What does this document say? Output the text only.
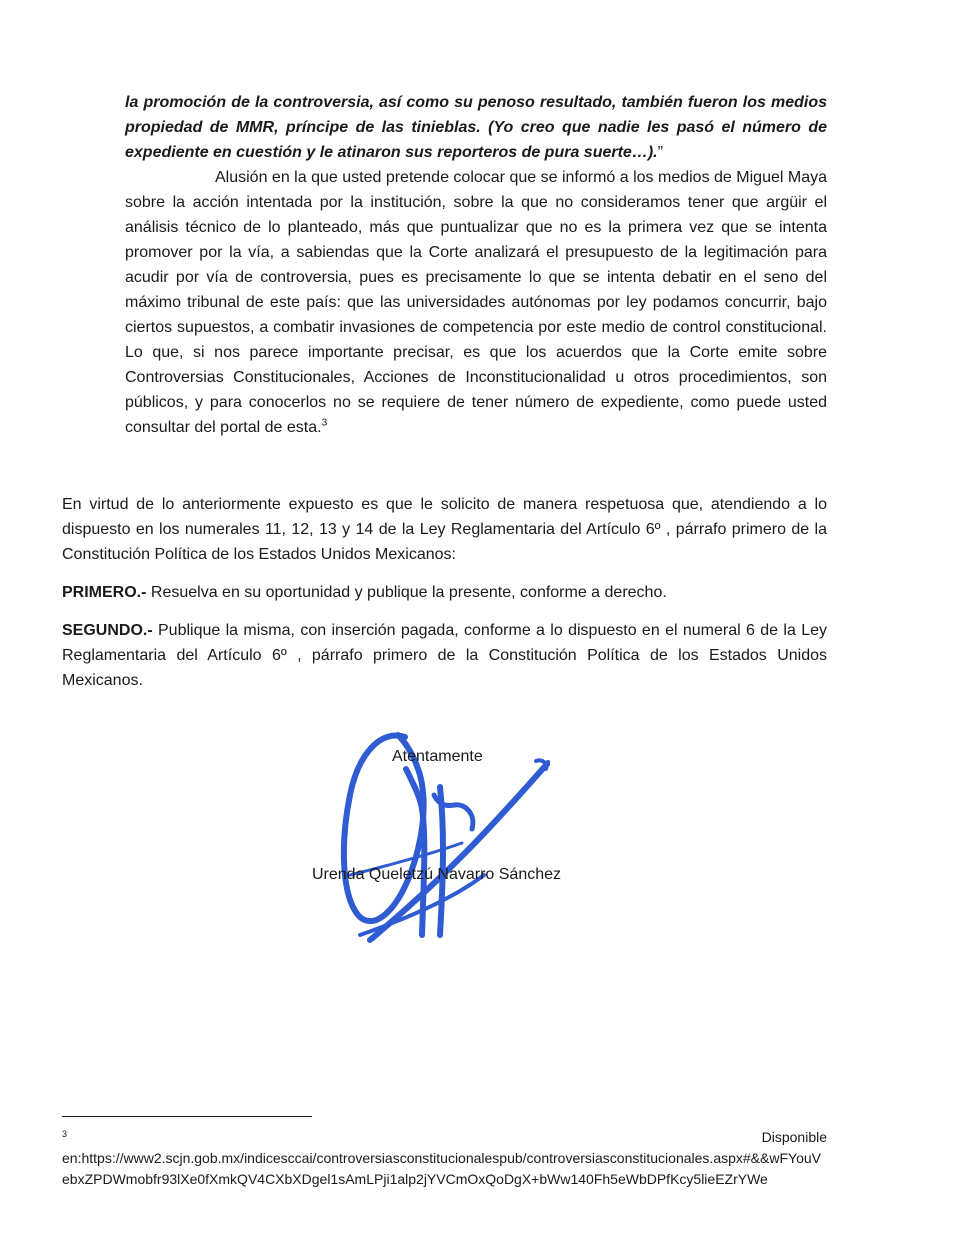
la promoción de la controversia, así como su penoso resultado, también fueron los medios propiedad de MMR, príncipe de las tinieblas. (Yo creo que nadie les pasó el número de expediente en cuestión y le atinaron sus reporteros de pura suerte…).”

Alusión en la que usted pretende colocar que se informó a los medios de Miguel Maya sobre la acción intentada por la institución, sobre la que no consideramos tener que argüir el análisis técnico de lo planteado, más que puntualizar que no es la primera vez que se intenta promover por la vía, a sabiendas que la Corte analizará el presupuesto de la legitimación para acudir por vía de controversia, pues es precisamente lo que se intenta debatir en el seno del máximo tribunal de este país: que las universidades autónomas por ley podamos concurrir, bajo ciertos supuestos, a combatir invasiones de competencia por este medio de control constitucional. Lo que, si nos parece importante precisar, es que los acuerdos que la Corte emite sobre Controversias Constitucionales, Acciones de Inconstitucionalidad u otros procedimientos, son públicos, y para conocerlos no se requiere de tener número de expediente, como puede usted consultar del portal de esta.$^3$

En virtud de lo anteriormente expuesto es que le solicito de manera respetuosa que, atendiendo a lo dispuesto en los numerales 11, 12, 13 y 14 de la Ley Reglamentaria del Artículo 6º , párrafo primero de la Constitución Política de los Estados Unidos Mexicanos:

PRIMERO.- Resuelva en su oportunidad y publique la presente, conforme a derecho.

SEGUNDO.- Publique la misma, con inserción pagada, conforme a lo dispuesto en el numeral 6 de la Ley Reglamentaria del Artículo 6º , párrafo primero de la Constitución Política de los Estados Unidos Mexicanos.

Atentamente
Urenda Queletzú Navarro Sánchez
3	Disponible
en:https://www2.scjn.gob.mx/indicesccai/controversiasconstitucionalespub/controversiasconstitucionales.aspx#&&wFYouVebxZPDWmobfr93lXe0fXmkQV4CXbXDgel1sAmLPji1alp2jYVCmOxQoDgX+bWw140Fh5eWbDPfKcy5lieEZrYWe
